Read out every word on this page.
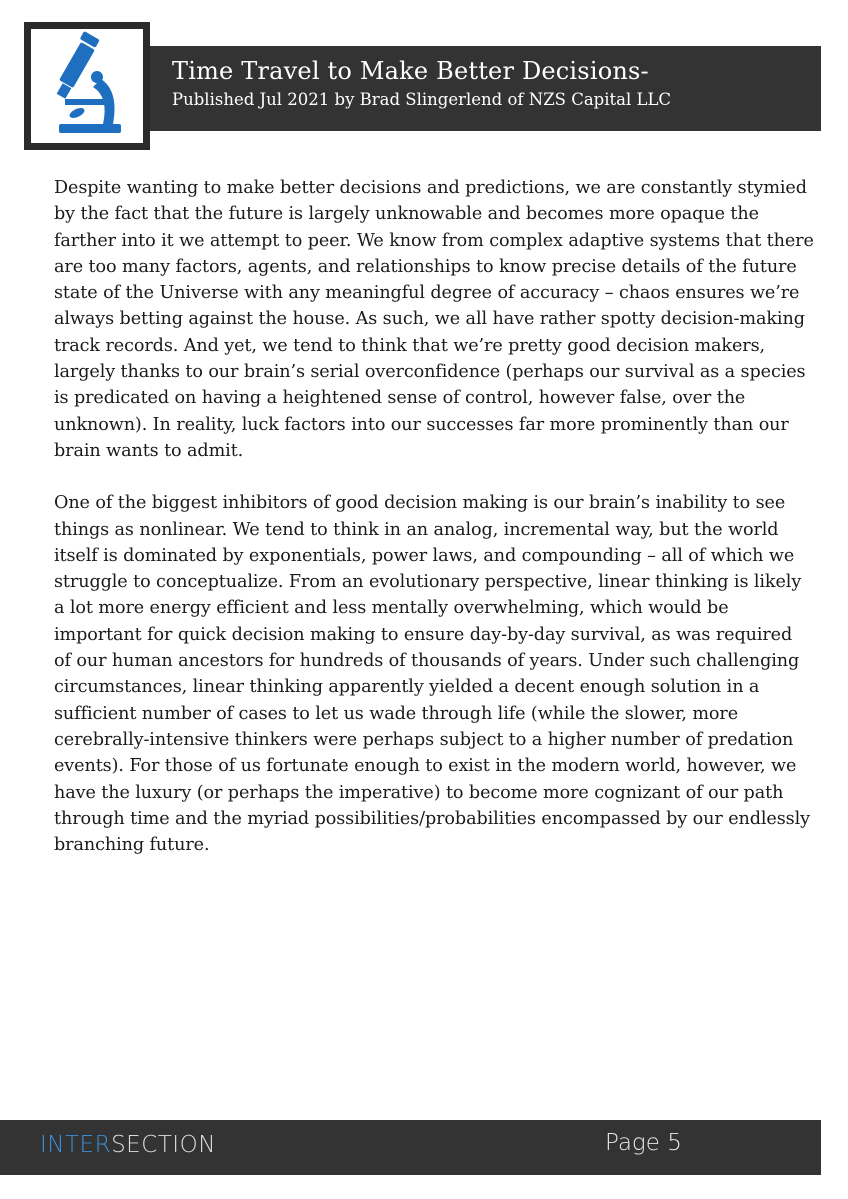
Time Travel to Make Better Decisions-
Published Jul 2021 by Brad Slingerlend of NZS Capital LLC

Despite wanting to make better decisions and predictions, we are constantly stymied by the fact that the future is largely unknowable and becomes more opaque the farther into it we attempt to peer. We know from complex adaptive systems that there are too many factors, agents, and relationships to know precise details of the future state of the Universe with any meaningful degree of accuracy – chaos ensures we’re always betting against the house. As such, we all have rather spotty decision-making track records. And yet, we tend to think that we’re pretty good decision makers, largely thanks to our brain’s serial overconfidence (perhaps our survival as a species is predicated on having a heightened sense of control, however false, over the unknown). In reality, luck factors into our successes far more prominently than our brain wants to admit.

One of the biggest inhibitors of good decision making is our brain’s inability to see things as nonlinear. We tend to think in an analog, incremental way, but the world itself is dominated by exponentials, power laws, and compounding – all of which we struggle to conceptualize. From an evolutionary perspective, linear thinking is likely a lot more energy efficient and less mentally overwhelming, which would be important for quick decision making to ensure day-by-day survival, as was required of our human ancestors for hundreds of thousands of years. Under such challenging circumstances, linear thinking apparently yielded a decent enough solution in a sufficient number of cases to let us wade through life (while the slower, more cerebrally-intensive thinkers were perhaps subject to a higher number of predation events). For those of us fortunate enough to exist in the modern world, however, we have the luxury (or perhaps the imperative) to become more cognizant of our path through time and the myriad possibilities/probabilities encompassed by our endlessly branching future.

INTERSECTION	Page 5
